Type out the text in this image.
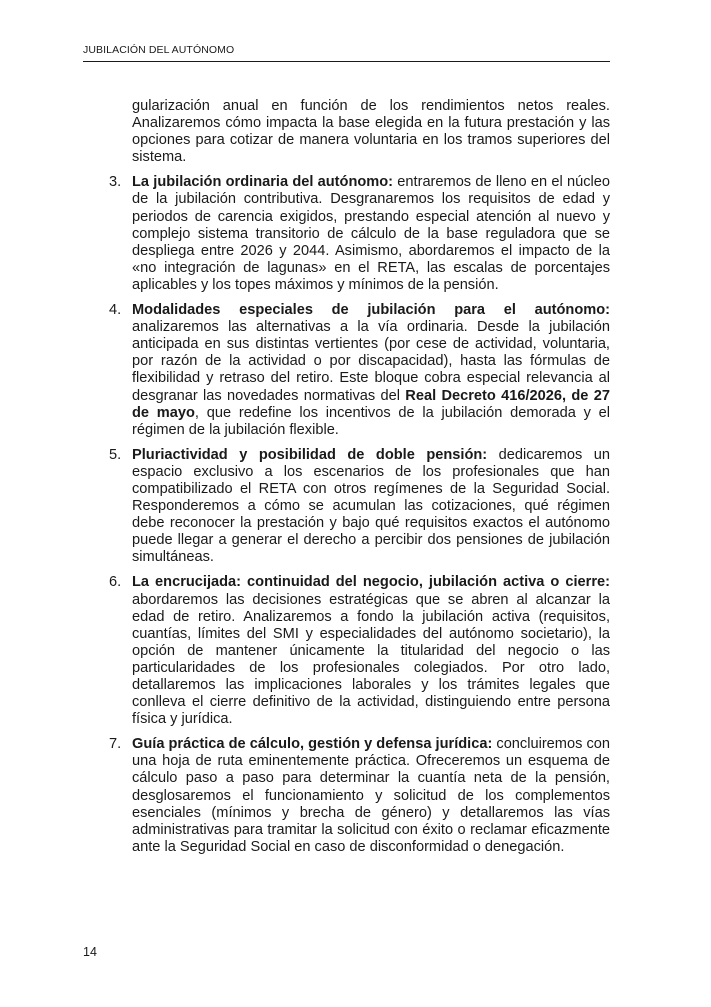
JUBILACIÓN DEL AUTÓNOMO

gularización anual en función de los rendimientos netos reales. Analizaremos cómo impacta la base elegida en la futura prestación y las opciones para cotizar de manera voluntaria en los tramos superiores del sistema.

3. La jubilación ordinaria del autónomo: entraremos de lleno en el núcleo de la jubilación contributiva. Desgranaremos los requisitos de edad y periodos de carencia exigidos, prestando especial atención al nuevo y complejo sistema transitorio de cálculo de la base reguladora que se despliega entre 2026 y 2044. Asimismo, abordaremos el impacto de la «no integración de lagunas» en el RETA, las escalas de porcentajes aplicables y los topes máximos y mínimos de la pensión.
4. Modalidades especiales de jubilación para el autónomo: analizaremos las alternativas a la vía ordinaria. Desde la jubilación anticipada en sus distintas vertientes (por cese de actividad, voluntaria, por razón de la actividad o por discapacidad), hasta las fórmulas de flexibilidad y retraso del retiro. Este bloque cobra especial relevancia al desgranar las novedades normativas del Real Decreto 416/2026, de 27 de mayo, que redefine los incentivos de la jubilación demorada y el régimen de la jubilación flexible.
5. Pluriactividad y posibilidad de doble pensión: dedicaremos un espacio exclusivo a los escenarios de los profesionales que han compatibilizado el RETA con otros regímenes de la Seguridad Social. Responderemos a cómo se acumulan las cotizaciones, qué régimen debe reconocer la prestación y bajo qué requisitos exactos el autónomo puede llegar a generar el derecho a percibir dos pensiones de jubilación simultáneas.
6. La encrucijada: continuidad del negocio, jubilación activa o cierre: abordaremos las decisiones estratégicas que se abren al alcanzar la edad de retiro. Analizaremos a fondo la jubilación activa (requisitos, cuantías, límites del SMI y especialidades del autónomo societario), la opción de mantener únicamente la titularidad del negocio o las particularidades de los profesionales colegiados. Por otro lado, detallaremos las implicaciones laborales y los trámites legales que conlleva el cierre definitivo de la actividad, distinguiendo entre persona física y jurídica.
7. Guía práctica de cálculo, gestión y defensa jurídica: concluiremos con una hoja de ruta eminentemente práctica. Ofreceremos un esquema de cálculo paso a paso para determinar la cuantía neta de la pensión, desglosaremos el funcionamiento y solicitud de los complementos esenciales (mínimos y brecha de género) y detallaremos las vías administrativas para tramitar la solicitud con éxito o reclamar eficazmente ante la Seguridad Social en caso de disconformidad o denegación.
14
